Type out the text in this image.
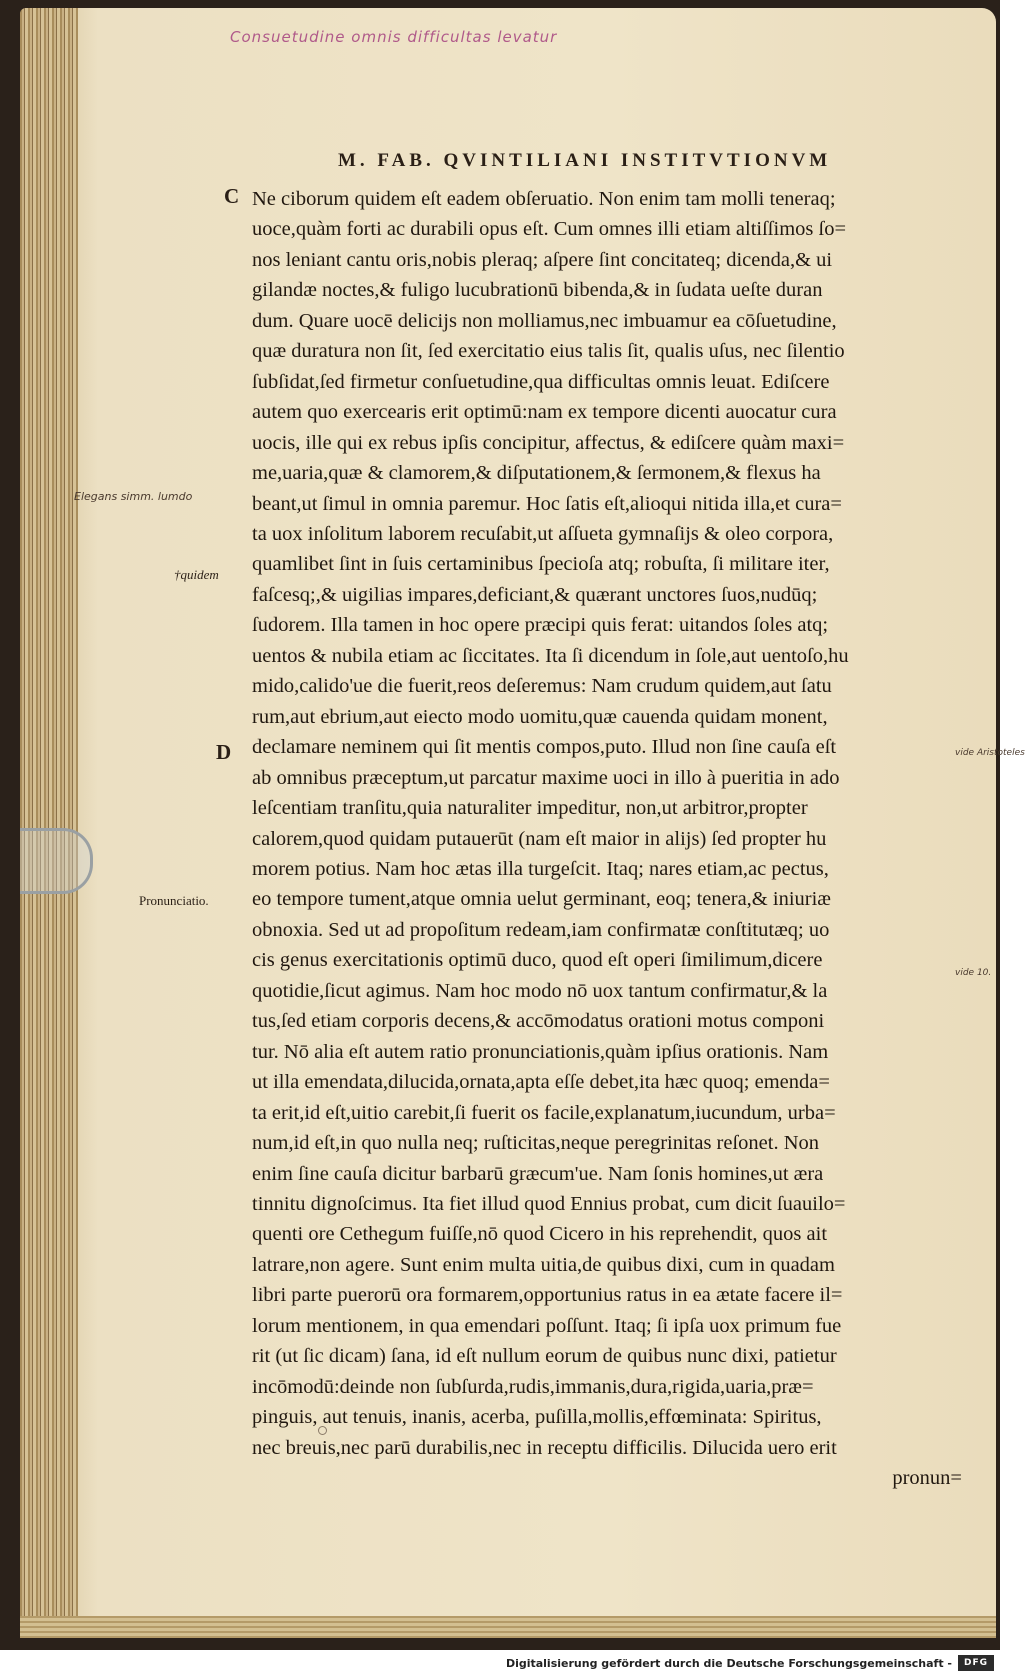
Consuetudine omnis difficultas levatur

M. FAB. QVINTILIANI INSTITVTIONVM

C

D

†quidem

Pronunciatio.

Elegans simm. lumdo

vide Aristoteles

vide 10.

Ne ciborum quidem eſt eadem obſeruatio. Non enim tam molli teneraq;
uoce,quàm forti ac durabili opus eſt. Cum omnes illi etiam altiſſimos ſo=
nos leniant cantu oris,nobis pleraq; aſpere ſint concitateq; dicenda,& ui
gilandæ noctes,& fuligo lucubrationū bibenda,& in ſudata ueſte duran
dum. Quare uocē delicijs non molliamus,nec imbuamur ea cōſuetudine,
quæ duratura non ſit, ſed exercitatio eius talis ſit, qualis uſus, nec ſilentio
ſubſidat,ſed firmetur conſuetudine,qua difficultas omnis leuat. Ediſcere
autem quo exercearis erit optimū:nam ex tempore dicenti auocatur cura
uocis, ille qui ex rebus ipſis concipitur, affectus, & ediſcere quàm maxi=
me,uaria,quæ & clamorem,& diſputationem,& ſermonem,& flexus ha
beant,ut ſimul in omnia paremur. Hoc ſatis eſt,alioqui nitida illa,et cura=
ta uox inſolitum laborem recuſabit,ut aſſueta gymnaſijs & oleo corpora,
quamlibet ſint in ſuis certaminibus ſpecioſa atq; robuſta, ſi militare iter,
faſcesq;,& uigilias impares,deficiant,& quærant unctores ſuos,nudūq;
ſudorem. Illa tamen in hoc opere præcipi quis ferat: uitandos ſoles atq;
uentos & nubila etiam ac ſiccitates. Ita ſi dicendum in ſole,aut uentoſo,hu
mido,calido'ue die fuerit,reos deſeremus: Nam crudum quidem,aut ſatu
rum,aut ebrium,aut eiecto modo uomitu,quæ cauenda quidam monent,
declamare neminem qui ſit mentis compos,puto. Illud non ſine cauſa eſt
ab omnibus præceptum,ut parcatur maxime uoci in illo à pueritia in ado
leſcentiam tranſitu,quia naturaliter impeditur, non,ut arbitror,propter
calorem,quod quidam putauerūt (nam eſt maior in alijs) ſed propter hu
morem potius. Nam hoc ætas illa turgeſcit. Itaq; nares etiam,ac pectus,
eo tempore tument,atque omnia uelut germinant, eoq; tenera,& iniuriæ
obnoxia. Sed ut ad propoſitum redeam,iam confirmatæ conſtitutæq; uo
cis genus exercitationis optimū duco, quod eſt operi ſimilimum,dicere
quotidie,ſicut agimus. Nam hoc modo nō uox tantum confirmatur,& la
tus,ſed etiam corporis decens,& accōmodatus orationi motus componi
tur. Nō alia eſt autem ratio pronunciationis,quàm ipſius orationis. Nam
ut illa emendata,dilucida,ornata,apta eſſe debet,ita hæc quoq; emenda=
ta erit,id eſt,uitio carebit,ſi fuerit os facile,explanatum,iucundum, urba=
num,id eſt,in quo nulla neq; ruſticitas,neque peregrinitas reſonet. Non
enim ſine cauſa dicitur barbarū græcum'ue. Nam ſonis homines,ut æra
tinnitu dignoſcimus. Ita fiet illud quod Ennius probat, cum dicit ſuauilo=
quenti ore Cethegum fuiſſe,nō quod Cicero in his reprehendit, quos ait
latrare,non agere. Sunt enim multa uitia,de quibus dixi, cum in quadam
libri parte puerorū ora formarem,opportunius ratus in ea ætate facere il=
lorum mentionem, in qua emendari poſſunt. Itaq; ſi ipſa uox primum fue
rit (ut ſic dicam) ſana, id eſt nullum eorum de quibus nunc dixi, patietur
incōmodū:deinde non ſubſurda,rudis,immanis,dura,rigida,uaria,præ=
pinguis, aut tenuis, inanis, acerba, puſilla,mollis,effœminata: Spiritus,
nec breuis,nec parū durabilis,nec in receptu difficilis. Dilucida uero erit
pronun=

Digitalisierung gefördert durch die Deutsche Forschungsgemeinschaft -	DFG
